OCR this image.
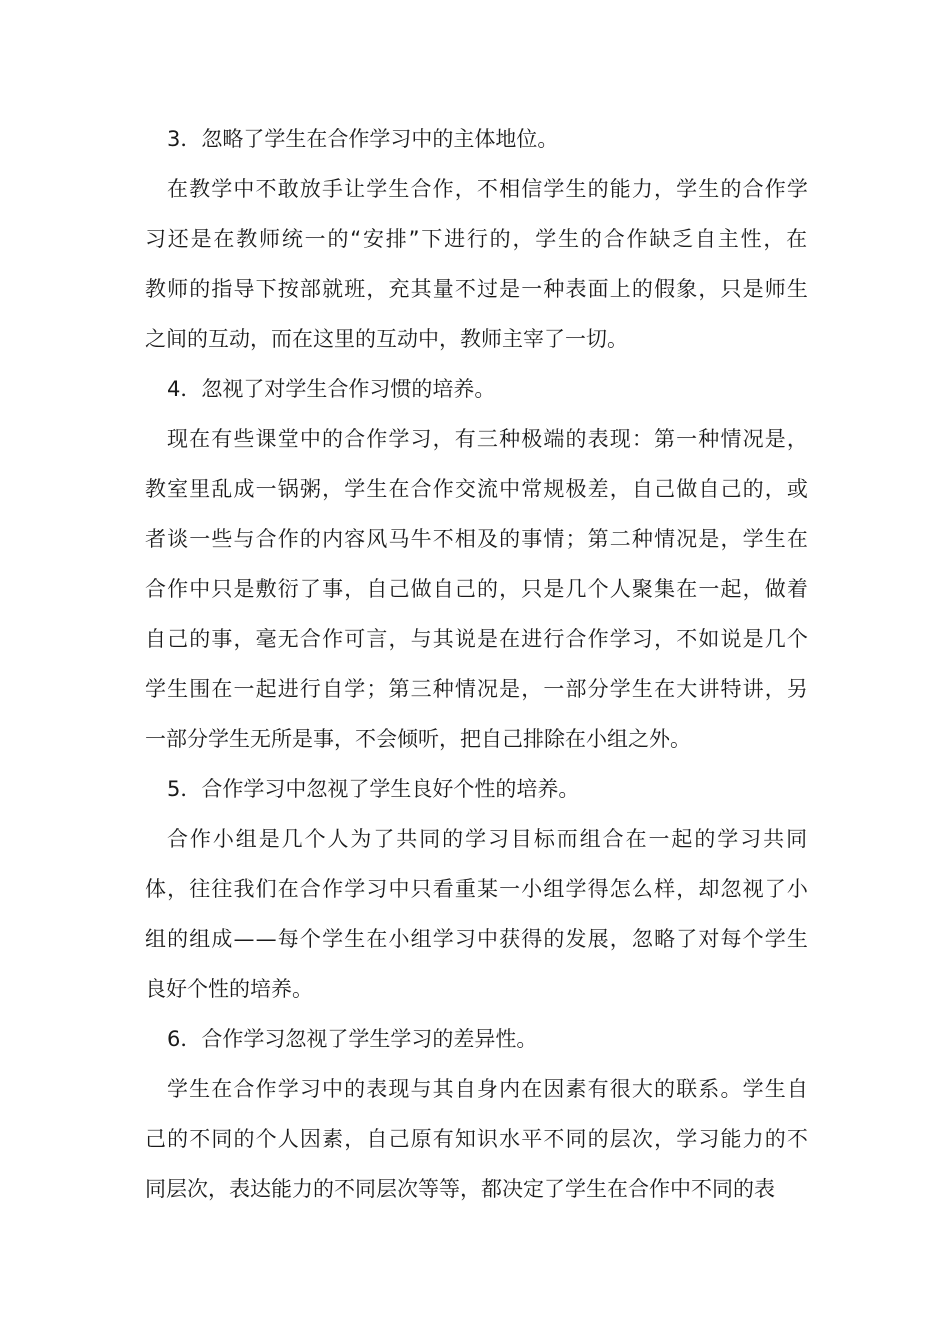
3．忽略了学生在合作学习中的主体地位。
在教学中不敢放手让学生合作，不相信学生的能力，学生的合作学
习还是在教师统一的“安排”下进行的，学生的合作缺乏自主性，在
教师的指导下按部就班，充其量不过是一种表面上的假象，只是师生
之间的互动，而在这里的互动中，教师主宰了一切。
4．忽视了对学生合作习惯的培养。
现在有些课堂中的合作学习，有三种极端的表现：第一种情况是，
教室里乱成一锅粥，学生在合作交流中常规极差，自己做自己的，或
者谈一些与合作的内容风马牛不相及的事情；第二种情况是，学生在
合作中只是敷衍了事，自己做自己的，只是几个人聚集在一起，做着
自己的事，毫无合作可言，与其说是在进行合作学习，不如说是几个
学生围在一起进行自学；第三种情况是，一部分学生在大讲特讲，另
一部分学生无所是事，不会倾听，把自己排除在小组之外。
5．合作学习中忽视了学生良好个性的培养。
合作小组是几个人为了共同的学习目标而组合在一起的学习共同
体，往往我们在合作学习中只看重某一小组学得怎么样，却忽视了小
组的组成——每个学生在小组学习中获得的发展，忽略了对每个学生
良好个性的培养。
6．合作学习忽视了学生学习的差异性。
学生在合作学习中的表现与其自身内在因素有很大的联系。学生自
己的不同的个人因素，自己原有知识水平不同的层次，学习能力的不
同层次，表达能力的不同层次等等，都决定了学生在合作中不同的表
